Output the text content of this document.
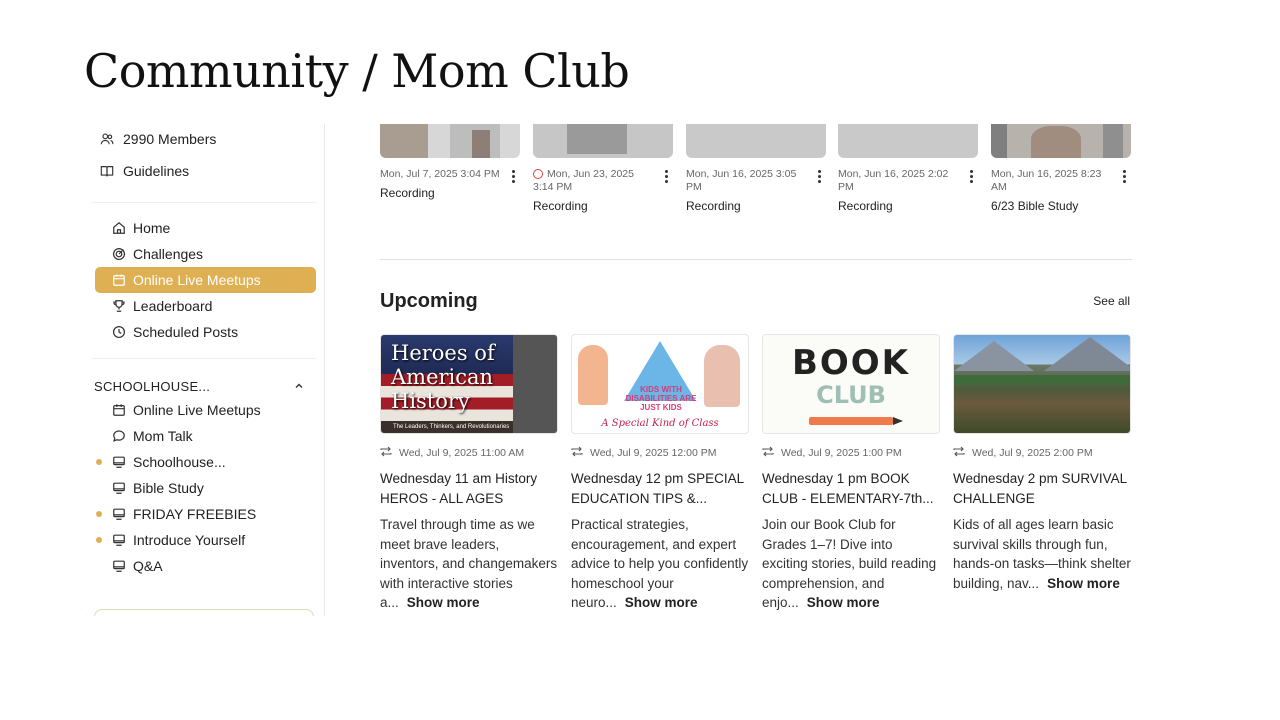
Community / Mom Club
2990 Members
Guidelines
Home
Challenges
Online Live Meetups
Leaderboard
Scheduled Posts
SCHOOLHOUSE...
Online Live Meetups
Mom Talk
Schoolhouse...
Bible Study
FRIDAY FREEBIES
Introduce Yourself
Q&A
Mon, Jul 7, 2025 3:04 PM
Recording
Mon, Jun 23, 2025 3:14 PM
Recording
Mon, Jun 16, 2025 3:05 PM
Recording
Mon, Jun 16, 2025 2:02 PM
Recording
Mon, Jun 16, 2025 8:23 AM
6/23 Bible Study
Upcoming	See all
Heroes of American History
The Leaders, Thinkers, and Revolutionaries
Wed, Jul 9, 2025 11:00 AM
Wednesday 11 am History HEROS - ALL AGES
Travel through time as we meet brave leaders, inventors, and changemakers with interactive stories a... Show more
KIDS WITH DISABILITIES ARE JUST KIDS
A Special Kind of Class
Wed, Jul 9, 2025 12:00 PM
Wednesday 12 pm SPECIAL EDUCATION TIPS &...
Practical strategies, encouragement, and expert advice to help you confidently homeschool your neuro... Show more
BOOK
CLUB
Wed, Jul 9, 2025 1:00 PM
Wednesday 1 pm BOOK CLUB - ELEMENTARY-7th...
Join our Book Club for Grades 1–7! Dive into exciting stories, build reading comprehension, and enjo... Show more
Wed, Jul 9, 2025 2:00 PM
Wednesday 2 pm SURVIVAL CHALLENGE
Kids of all ages learn basic survival skills through fun, hands-on tasks—think shelter building, nav... Show more
